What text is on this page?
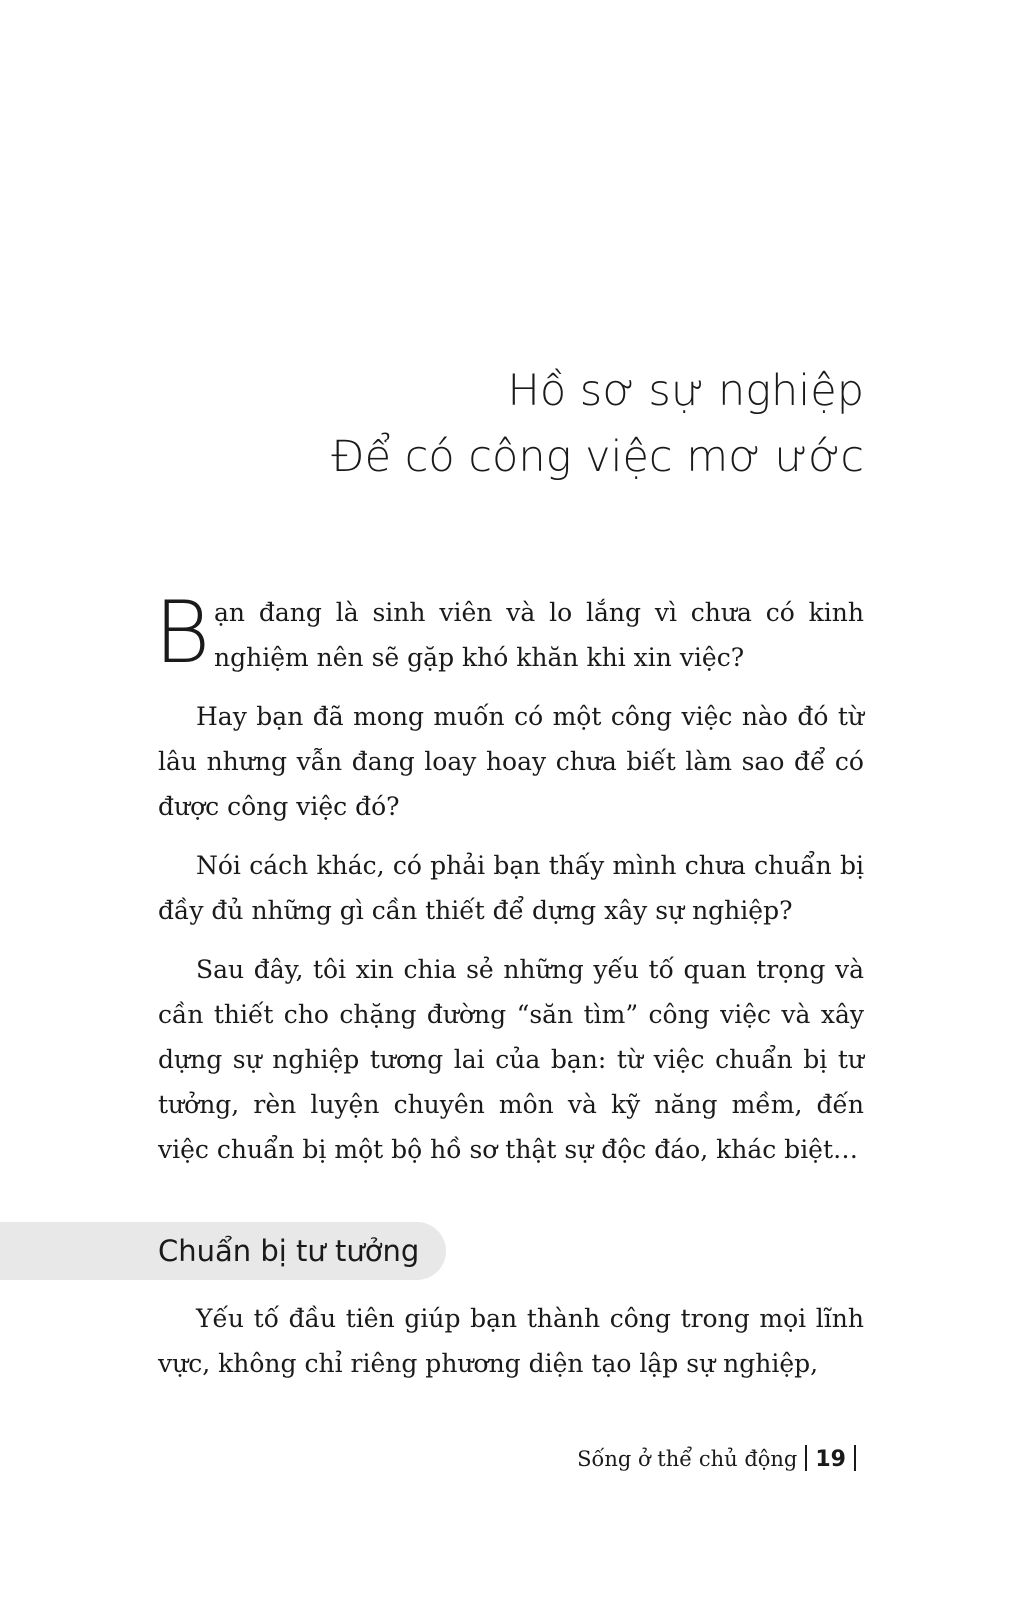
Hồ sơ sự nghiệp
Để có công việc mơ ước

B ạn đang là sinh viên và lo lắng vì chưa có kinh nghiệm nên sẽ gặp khó khăn khi xin việc?

Hay bạn đã mong muốn có một công việc nào đó từ lâu nhưng vẫn đang loay hoay chưa biết làm sao để có được công việc đó?

Nói cách khác, có phải bạn thấy mình chưa chuẩn bị đầy đủ những gì cần thiết để dựng xây sự nghiệp?

Sau đây, tôi xin chia sẻ những yếu tố quan trọng và cần thiết cho chặng đường “săn tìm” công việc và xây dựng sự nghiệp tương lai của bạn: từ việc chuẩn bị tư tưởng, rèn luyện chuyên môn và kỹ năng mềm, đến việc chuẩn bị một bộ hồ sơ thật sự độc đáo, khác biệt…

Chuẩn bị tư tưởng

Yếu tố đầu tiên giúp bạn thành công trong mọi lĩnh vực, không chỉ riêng phương diện tạo lập sự nghiệp,

Sống ở thể chủ động 19
